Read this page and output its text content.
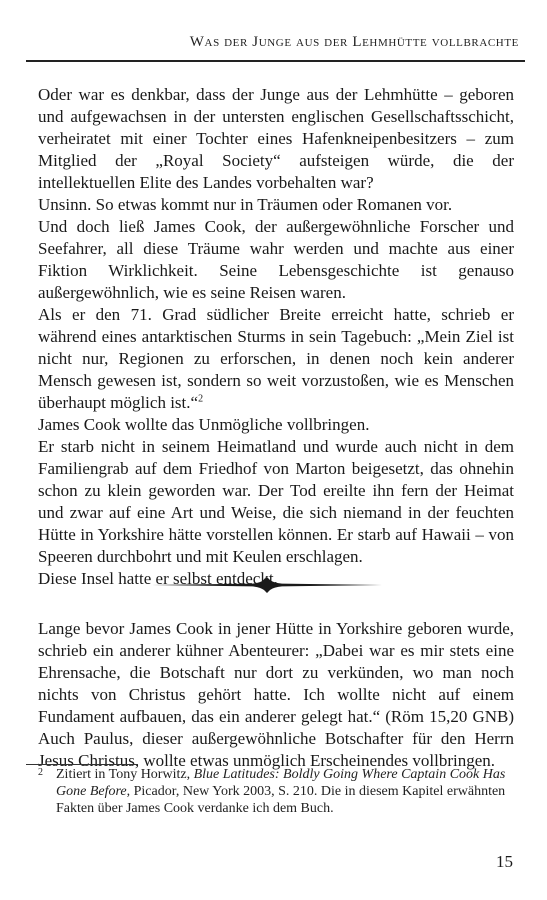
Was der Junge aus der Lehmhütte vollbrachte

Oder war es denkbar, dass der Junge aus der Lehmhütte – geboren und aufgewachsen in der untersten englischen Gesellschaftsschicht, verheiratet mit einer Tochter eines Hafenkneipenbesitzers – zum Mitglied der „Royal Society“ aufsteigen würde, die der intellektuellen Elite des Landes vorbehalten war?

Unsinn. So etwas kommt nur in Träumen oder Romanen vor.

Und doch ließ James Cook, der außergewöhnliche Forscher und Seefahrer, all diese Träume wahr werden und machte aus einer Fiktion Wirklichkeit. Seine Lebensgeschichte ist genauso außergewöhnlich, wie es seine Reisen waren.

Als er den 71. Grad südlicher Breite erreicht hatte, schrieb er während eines antarktischen Sturms in sein Tagebuch: „Mein Ziel ist nicht nur, Regionen zu erforschen, in denen noch kein anderer Mensch gewesen ist, sondern so weit vorzustoßen, wie es Menschen überhaupt möglich ist.“$^2$

James Cook wollte das Unmögliche vollbringen.

Er starb nicht in seinem Heimatland und wurde auch nicht in dem Familiengrab auf dem Friedhof von Marton beigesetzt, das ohnehin schon zu klein geworden war. Der Tod ereilte ihn fern der Heimat und zwar auf eine Art und Weise, die sich niemand in der feuchten Hütte in Yorkshire hätte vorstellen können. Er starb auf Hawaii – von Speeren durchbohrt und mit Keulen erschlagen.

Diese Insel hatte er selbst entdeckt.

Lange bevor James Cook in jener Hütte in Yorkshire geboren wurde, schrieb ein anderer kühner Abenteurer: „Dabei war es mir stets eine Ehrensache, die Botschaft nur dort zu verkünden, wo man noch nichts von Christus gehört hatte. Ich wollte nicht auf einem Fundament aufbauen, das ein anderer gelegt hat.“ (Röm 15,20 GNB) Auch Paulus, dieser außergewöhnliche Botschafter für den Herrn Jesus Christus, wollte etwas unmöglich Erscheinendes vollbringen.

2 Zitiert in Tony Horwitz, Blue Latitudes: Boldly Going Where Captain Cook Has Gone Before, Picador, New York 2003, S. 210. Die in diesem Kapitel erwähnten Fakten über James Cook verdanke ich dem Buch.
15
